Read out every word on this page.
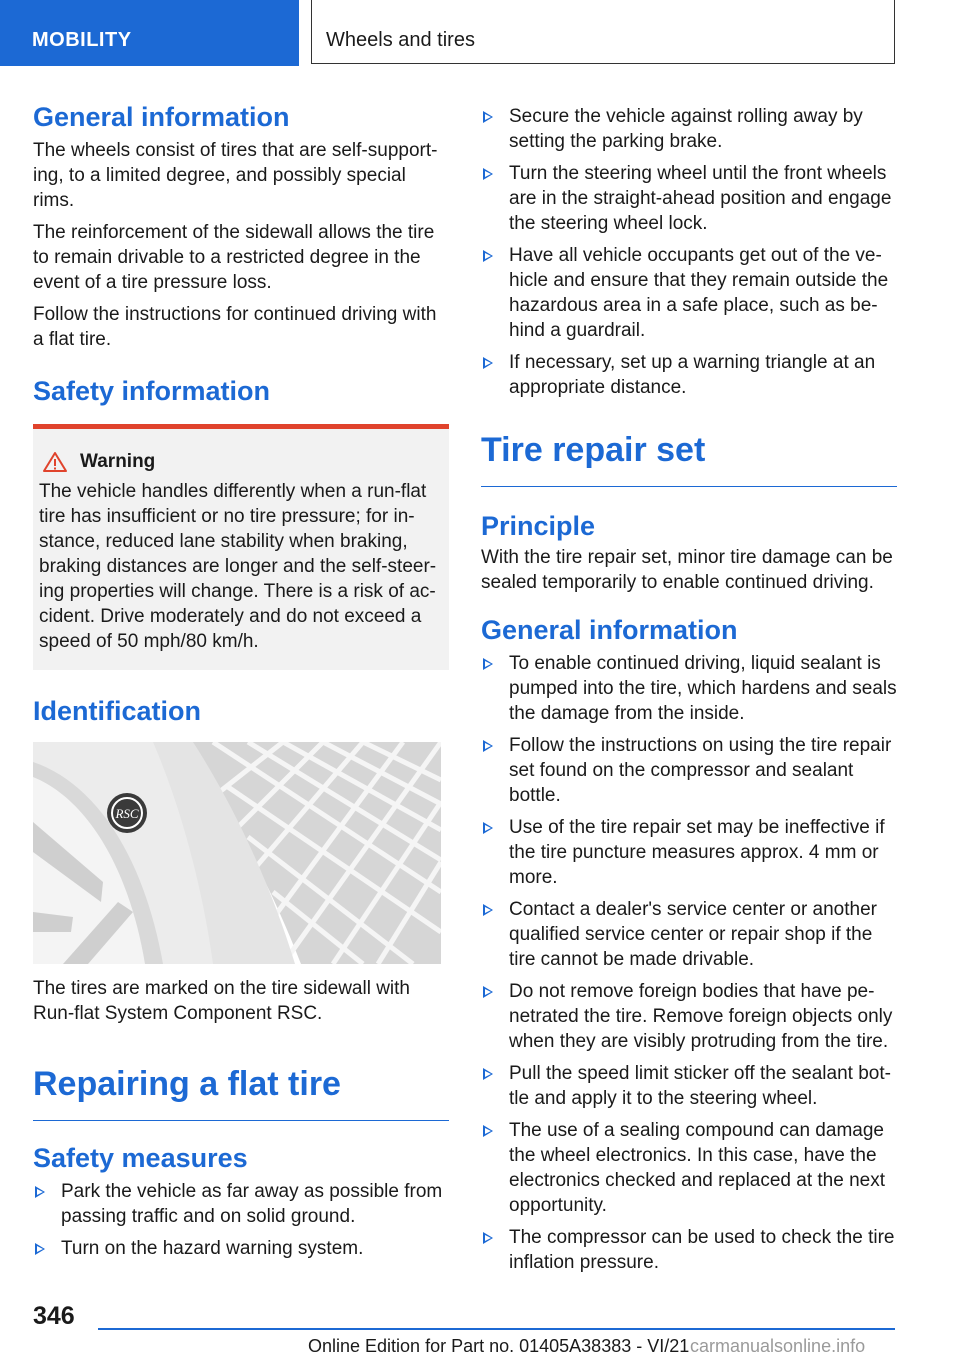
MOBILITY	Wheels and tires
General information

The wheels consist of tires that are self-support‐ing, to a limited degree, and possibly special rims.

The reinforcement of the sidewall allows the tire to remain drivable to a restricted degree in the event of a tire pressure loss.

Follow the instructions for continued driving with a flat tire.

Safety information
Warning

The vehicle handles differently when a run-flat tire has insufficient or no tire pressure; for in‐stance, reduced lane stability when braking, braking distances are longer and the self-steer‐ing properties will change. There is a risk of ac‐cident. Drive moderately and do not exceed a speed of 50 mph/80 km/h.

Identification
RSC

The tires are marked on the tire sidewall with Run-flat System Component RSC.

Repairing a flat tire
Safety measures
Park the vehicle as far away as possible from passing traffic and on solid ground.
Turn on the hazard warning system.
Secure the vehicle against rolling away by setting the parking brake.
Turn the steering wheel until the front wheels are in the straight-ahead position and engage the steering wheel lock.
Have all vehicle occupants get out of the ve‐hicle and ensure that they remain outside the hazardous area in a safe place, such as be‐hind a guardrail.
If necessary, set up a warning triangle at an appropriate distance.
Tire repair set
Principle

With the tire repair set, minor tire damage can be sealed temporarily to enable continued driving.

General information
To enable continued driving, liquid sealant is pumped into the tire, which hardens and seals the damage from the inside.
Follow the instructions on using the tire repair set found on the compressor and sealant bottle.
Use of the tire repair set may be ineffective if the tire puncture measures approx. 4 mm or more.
Contact a dealer's service center or another qualified service center or repair shop if the tire cannot be made drivable.
Do not remove foreign bodies that have pe‐netrated the tire. Remove foreign objects only when they are visibly protruding from the tire.
Pull the speed limit sticker off the sealant bot‐tle and apply it to the steering wheel.
The use of a sealing compound can damage the wheel electronics. In this case, have the electronics checked and replaced at the next opportunity.
The compressor can be used to check the tire inflation pressure.
346
Online Edition for Part no. 01405A38383 - VI/21 carmanualsonline.info
